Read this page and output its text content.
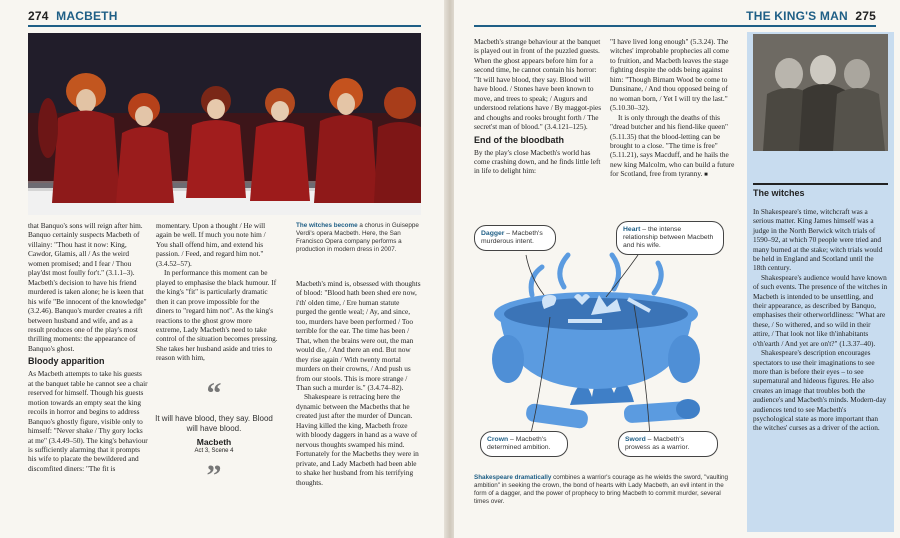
274 MACBETH

that Banquo's sons will reign after him. Banquo certainly suspects Macbeth of villainy: "Thou hast it now: King, Cawdor, Glamis, all / As the weird women promised; and I fear / Thou play'dst most foully for't." (3.1.1–3). Macbeth's decision to have his friend murdered is taken alone; he is keen that his wife "Be innocent of the knowledge" (3.2.46). Banquo's murder creates a rift between husband and wife, and as a result produces one of the play's most thrilling moments: the appearance of Banquo's ghost.

Bloody apparition

As Macbeth attempts to take his guests at the banquet table he cannot see a chair reserved for himself. Though his guests motion towards an empty seat the king recoils in horror and begins to address Banquo's ghostly figure, visible only to himself: "Never shake / Thy gory locks at me" (3.4.49–50). The king's behaviour is sufficiently alarming that it prompts his wife to placate the bewildered and discomfited diners: "The fit is

momentary. Upon a thought / He will again be well. If much you note him / You shall offend him, and extend his passion. / Feed, and regard him not." (3.4.52–57).

In performance this moment can be played to emphasise the black humour. If the king's "fit" is particularly dramatic then it can prove impossible for the diners to "regard him not". As the king's reactions to the ghost grow more extreme, Lady Macbeth's need to take control of the situation becomes pressing. She takes her husband aside and tries to reason with him,

“
It will have blood, they say. Blood will have blood.
Macbeth
Act 3, Scene 4
”
The witches become a chorus in Guiseppe Verdi's opera Macbeth. Here, the San Francisco Opera company performs a production in modern dress in 2007.

Macbeth's mind is, obsessed with thoughts of blood: "Blood hath been shed ere now, i'th' olden time, / Ere human statute purged the gentle weal; / Ay, and since, too, murders have been performed / Too terrible for the ear. The time has been / That, when the brains were out, the man would die, / And there an end. But now they rise again / With twenty mortal murders on their crowns, / And push us from our stools. This is more strange / Than such a murder is." (3.4.74–82).

Shakespeare is retracing here the dynamic between the Macbeths that he created just after the murder of Duncan. Having killed the king, Macbeth froze with bloody daggers in hand as a wave of nervous thoughts swamped his mind. Fortunately for the Macbeths they were in private, and Lady Macbeth had been able to shake her husband from his terrifying thoughts.

THE KING'S MAN 275

Macbeth's strange behaviour at the banquet is played out in front of the puzzled guests. When the ghost appears before him for a second time, he cannot contain his horror: "It will have blood, they say. Blood will have blood. / Stones have been known to move, and trees to speak; / Augurs and understood relations have / By maggot-pies and choughs and rooks brought forth / The secret'st man of blood." (3.4.121–125).

End of the bloodbath

By the play's close Macbeth's world has come crashing down, and he finds little left in life to delight him:

"I have lived long enough" (5.3.24). The witches' improbable prophecies all come to fruition, and Macbeth leaves the stage fighting despite the odds being against him: "Though Birnam Wood be come to Dunsinane, / And thou opposed being of no woman born, / Yet I will try the last." (5.10.30–32).

It is only through the deaths of this "dread butcher and his fiend-like queen" (5.11.35) that the blood-letting can be brought to a close. "The time is free" (5.11.21), says Macduff, and he hails the new king Malcolm, who can build a future for Scotland, free from tyranny. ■

Dagger – Macbeth's murderous intent.
Heart – the intense relationship between Macbeth and his wife.
Crown – Macbeth's determined ambition.
Sword – Macbeth's prowess as a warrior.
Shakespeare dramatically combines a warrior's courage as he wields the sword, "vaulting ambition" in seeking the crown, the bond of hearts with Lady Macbeth, an evil intent in the form of a dagger, and the power of prophecy to bring Macbeth to commit murder, several times over.
The witches

In Shakespeare's time, witchcraft was a serious matter. King James himself was a judge in the North Berwick witch trials of 1590–92, at which 70 people were tried and many burned at the stake; witch trials would be held in England and Scotland until the 18th century.

Shakespeare's audience would have known of such events. The presence of the witches in Macbeth is intended to be unsettling, and their appearance, as described by Banquo, emphasises their otherworldliness: "What are these, / So withered, and so wild in their attire, / That look not like th'inhabitants o'th'earth / And yet are on't?" (1.3.37–40).

Shakespeare's description encourages spectators to use their imaginations to see more than is before their eyes – to see supernatural and hideous figures. He also creates an image that troubles both the audience's and Macbeth's minds. Modern-day audiences tend to see Macbeth's psychological state as more important than the witches' curses as a driver of the action.
